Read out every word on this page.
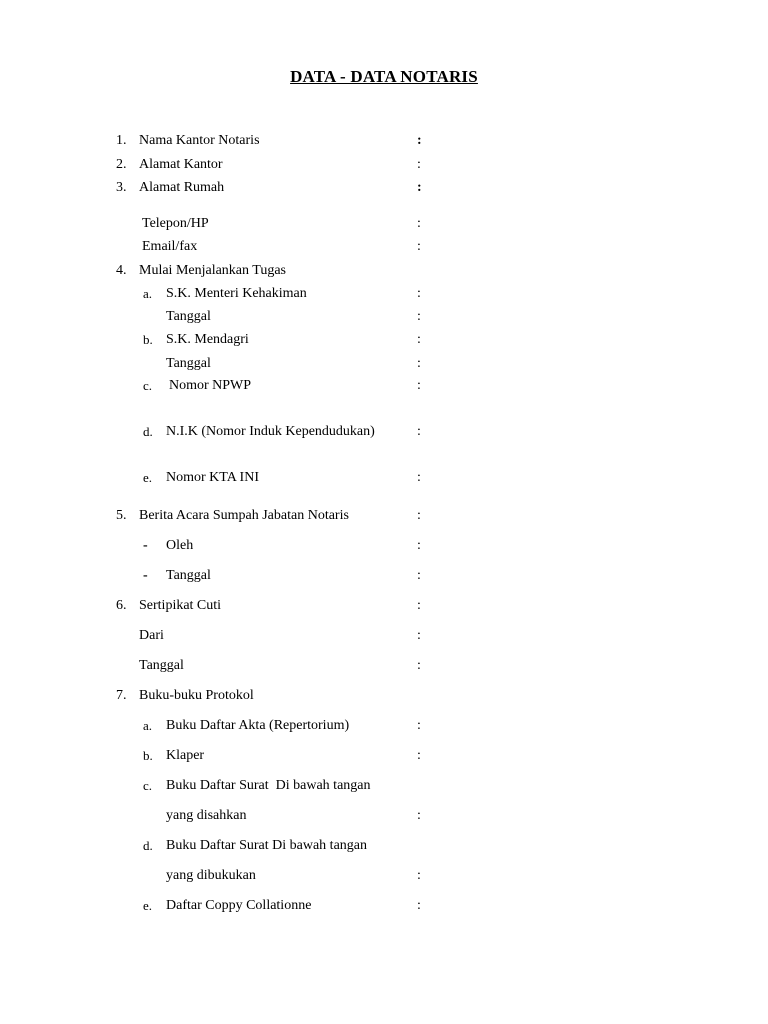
DATA - DATA NOTARIS
1. Nama Kantor Notaris	:
2. Alamat Kantor	:
3. Alamat Rumah	:
Telepon/HP	:
Email/fax	:
4. Mulai Menjalankan Tugas
a. S.K. Menteri Kehakiman	:
Tanggal	:
b. S.K. Mendagri	:
Tanggal	:
c. Nomor NPWP	:
d. N.I.K (Nomor Induk Kependudukan)	:
e. Nomor KTA INI	:
5. Berita Acara Sumpah Jabatan Notaris	:
- Oleh	:
- Tanggal	:
6. Sertipikat Cuti	:
Dari	:
Tanggal	:
7. Buku-buku Protokol
a. Buku Daftar Akta (Repertorium)	:
b. Klaper	:
c. Buku Daftar Surat  Di bawah tangan
yang disahkan	:
d. Buku Daftar Surat Di bawah tangan
yang dibukukan	:
e. Daftar Coppy Collationne	:
